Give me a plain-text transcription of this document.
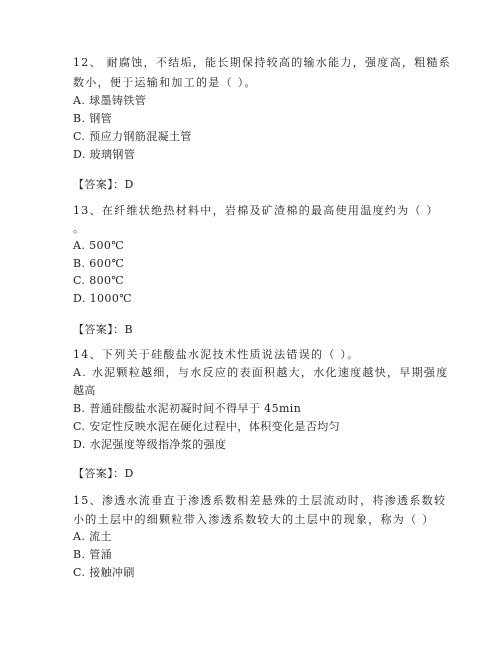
12、 耐腐蚀，不结垢，能长期保持较高的输水能力，强度高，粗糙系
数小，便于运输和加工的是（ ）。
A. 球墨铸铁管
B. 钢管
C. 预应力钢筋混凝土管
D. 玻璃钢管
【答案】：D
13、在纤维状绝热材料中，岩棉及矿渣棉的最高使用温度约为（ ）
。
A. 500℃
B. 600℃
C. 800℃
D. 1000℃
【答案】：B
14、下列关于硅酸盐水泥技术性质说法错误的（ ）。
A. 水泥颗粒越细，与水反应的表面积越大，水化速度越快，早期强度
越高
B. 普通硅酸盐水泥初凝时间不得早于 45min
C. 安定性反映水泥在硬化过程中，体积变化是否均匀
D. 水泥强度等级指净浆的强度
【答案】：D
15、渗透水流垂直于渗透系数相差悬殊的土层流动时，将渗透系数较
小的土层中的细颗粒带入渗透系数较大的土层中的现象，称为（ ）
A. 流土
B. 管涌
C. 接触冲刷
